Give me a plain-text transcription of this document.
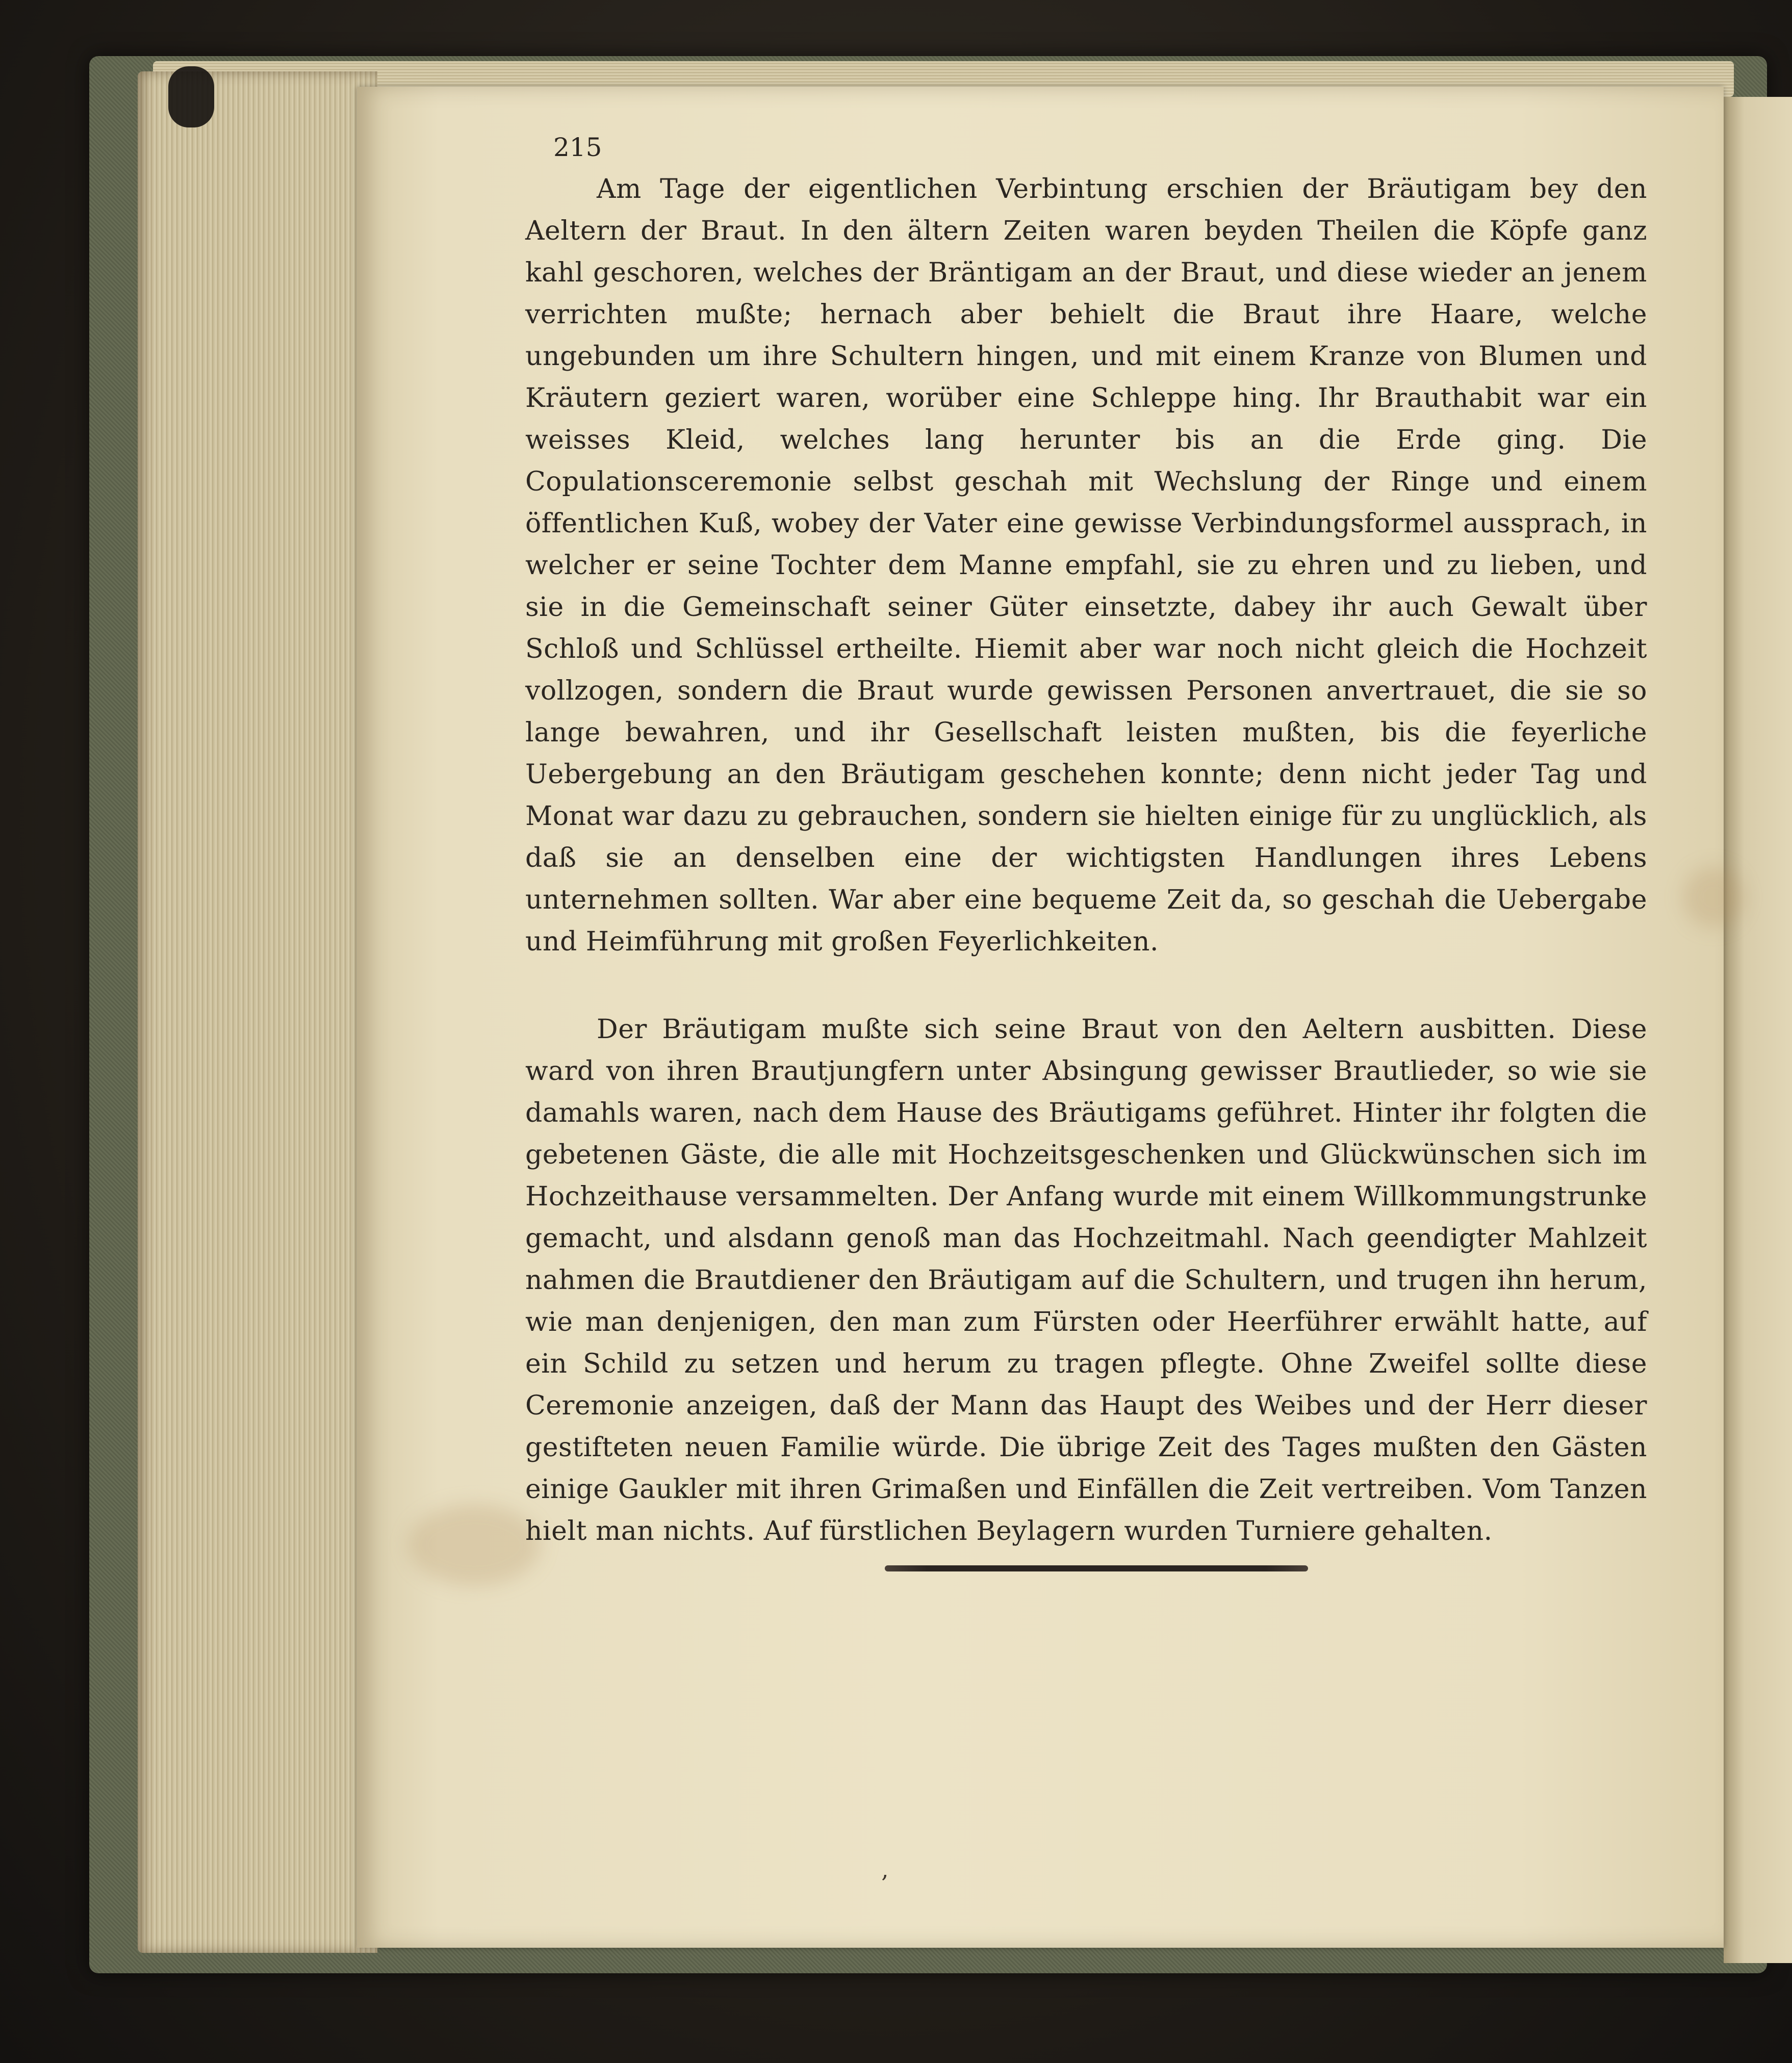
215

Am Tage der eigentlichen Verbintung erschien der Bräutigam bey den Aeltern der Braut. In den ältern Zeiten waren beyden Theilen die Köpfe ganz kahl geschoren, welches der Bräntigam an der Braut, und diese wieder an jenem verrichten mußte; hernach aber behielt die Braut ihre Haare, welche ungebunden um ihre Schultern hingen, und mit einem Kranze von Blumen und Kräutern geziert waren, worüber eine Schleppe hing. Ihr Brauthabit war ein weisses Kleid, welches lang herunter bis an die Erde ging. Die Copulationsceremonie selbst geschah mit Wechslung der Ringe und einem öffentlichen Kuß, wobey der Vater eine gewisse Verbindungsformel aussprach, in welcher er seine Tochter dem Manne empfahl, sie zu ehren und zu lieben, und sie in die Gemeinschaft seiner Güter einsetzte, dabey ihr auch Gewalt über Schloß und Schlüssel ertheilte. Hiemit aber war noch nicht gleich die Hochzeit vollzogen, sondern die Braut wurde gewissen Personen anvertrauet, die sie so lange bewahren, und ihr Gesellschaft leisten mußten, bis die feyerliche Uebergebung an den Bräutigam geschehen konnte; denn nicht jeder Tag und Monat war dazu zu gebrauchen, sondern sie hielten einige für zu unglücklich, als daß sie an denselben eine der wichtigsten Handlungen ihres Lebens unternehmen sollten. War aber eine bequeme Zeit da, so geschah die Uebergabe und Heimführung mit großen Feyerlichkeiten.

Der Bräutigam mußte sich seine Braut von den Aeltern ausbitten. Diese ward von ihren Brautjungfern unter Absingung gewisser Brautlieder, so wie sie damahls waren, nach dem Hause des Bräutigams geführet. Hinter ihr folgten die gebetenen Gäste, die alle mit Hochzeitsgeschenken und Glückwünschen sich im Hochzeithause versammelten. Der Anfang wurde mit einem Willkommungstrunke gemacht, und alsdann genoß man das Hochzeitmahl. Nach geendigter Mahlzeit nahmen die Brautdiener den Bräutigam auf die Schultern, und trugen ihn herum, wie man denjenigen, den man zum Fürsten oder Heerführer erwählt hatte, auf ein Schild zu setzen und herum zu tragen pflegte. Ohne Zweifel sollte diese Ceremonie anzeigen, daß der Mann das Haupt des Weibes und der Herr dieser gestifteten neuen Familie würde. Die übrige Zeit des Tages mußten den Gästen einige Gaukler mit ihren Grimaßen und Einfällen die Zeit vertreiben. Vom Tanzen hielt man nichts. Auf fürstlichen Beylagern wurden Turniere gehalten.

‚
